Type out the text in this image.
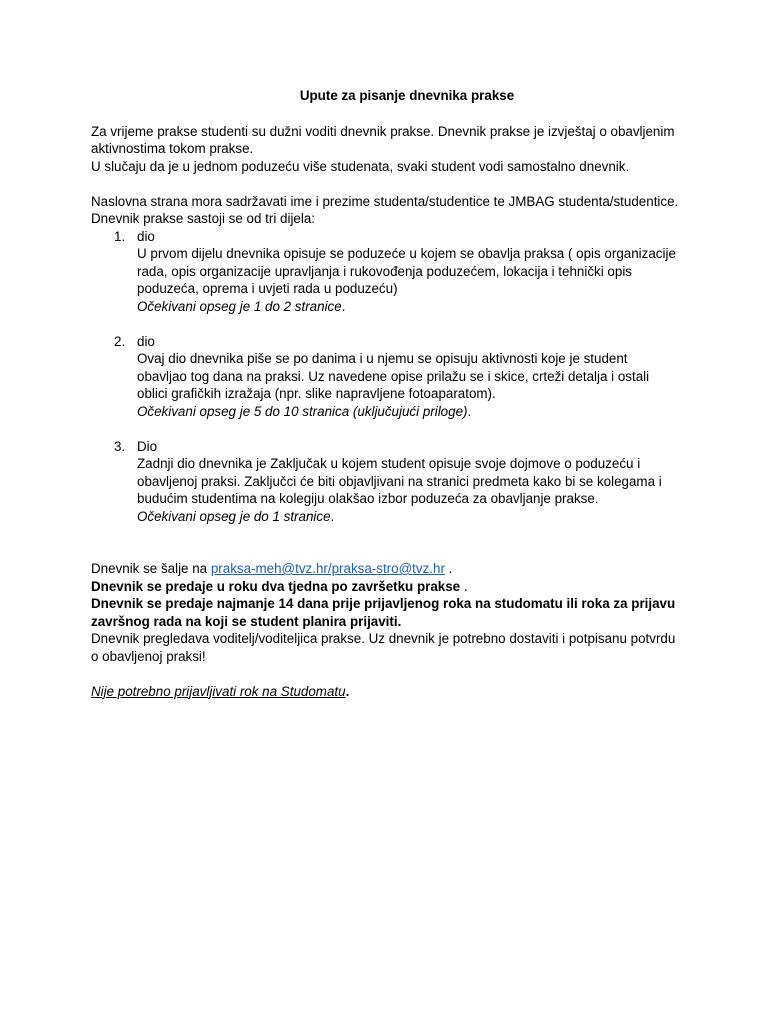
Upute za pisanje dnevnika prakse

Za vrijeme prakse studenti su dužni voditi dnevnik prakse. Dnevnik prakse je izvještaj o obavljenim aktivnostima tokom prakse.

U slučaju da je u jednom poduzeću više studenata, svaki student vodi samostalno dnevnik.

Naslovna strana mora sadržavati ime i prezime studenta/studentice te JMBAG studenta/studentice.

Dnevnik prakse sastoji se od tri dijela:

1. dio

U prvom dijelu dnevnika opisuje se poduzeće u kojem se obavlja praksa ( opis organizacije rada, opis organizacije upravljanja i rukovođenja poduzećem, lokacija i tehnički opis poduzeća, oprema i uvjeti rada u poduzeću)

Očekivani opseg je 1 do 2 stranice.

2. dio

Ovaj dio dnevnika piše se po danima i u njemu se opisuju aktivnosti koje je student obavljao tog dana na praksi. Uz navedene opise prilažu se i skice, crteži detalja i ostali oblici grafičkih izražaja (npr. slike napravljene fotoaparatom).

Očekivani opseg je 5 do 10 stranica (uključujući priloge).

3. Dio

Zadnji dio dnevnika je Zaključak u kojem student opisuje svoje dojmove o poduzeću i obavljenoj praksi. Zaključci će biti objavljivani na stranici predmeta kako bi se kolegama i budućim studentima na kolegiju olakšao izbor poduzeća za obavljanje prakse.

Očekivani opseg je do 1 stranice.

Dnevnik se šalje na praksa-meh@tvz.hr/praksa-stro@tvz.hr .

Dnevnik se predaje u roku dva tjedna po završetku prakse .

Dnevnik se predaje najmanje 14 dana prije prijavljenog roka na studomatu ili roka za prijavu završnog rada na koji se student planira prijaviti.

Dnevnik pregledava voditelj/voditeljica prakse. Uz dnevnik je potrebno dostaviti i potpisanu potvrdu o obavljenoj praksi!

Nije potrebno prijavljivati rok na Studomatu.
